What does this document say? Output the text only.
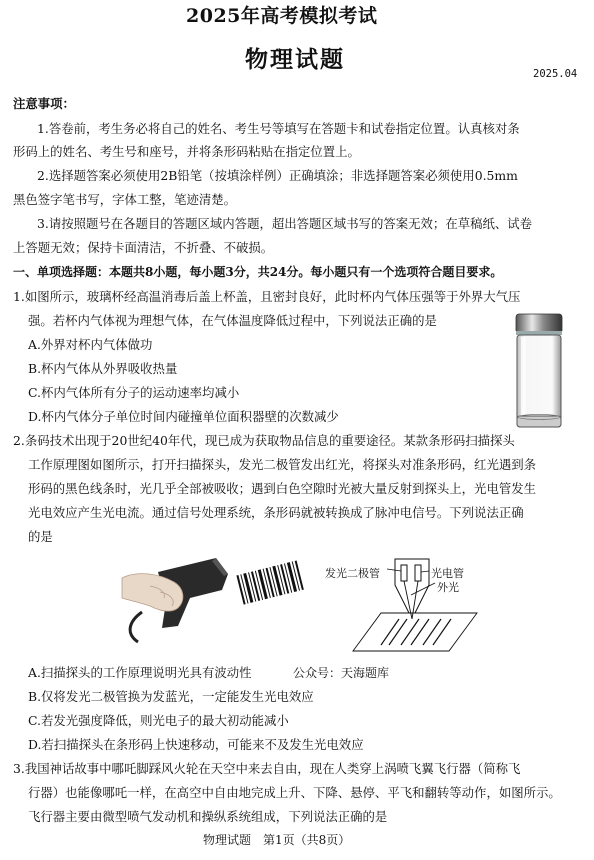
2025年高考模拟考试
物理试题
2025.04
注意事项：
1.答卷前，考生务必将自己的姓名、考生号等填写在答题卡和试卷指定位置。认真核对条
形码上的姓名、考生号和座号，并将条形码粘贴在指定位置上。
2.选择题答案必须使用2B铅笔（按填涂样例）正确填涂；非选择题答案必须使用0.5mm
黑色签字笔书写，字体工整，笔迹清楚。
3.请按照题号在各题目的答题区域内答题，超出答题区域书写的答案无效；在草稿纸、试卷
上答题无效；保持卡面清洁，不折叠、不破损。
一、单项选择题：本题共8小题，每小题3分，共24分。每小题只有一个选项符合题目要求。
1.如图所示，玻璃杯经高温消毒后盖上杯盖，且密封良好，此时杯内气体压强等于外界大气压
强。若杯内气体视为理想气体，在气体温度降低过程中，下列说法正确的是
A.外界对杯内气体做功
B.杯内气体从外界吸收热量
C.杯内气体所有分子的运动速率均减小
D.杯内气体分子单位时间内碰撞单位面积器壁的次数减少
2.条码技术出现于20世纪40年代，现已成为获取物品信息的重要途径。某款条形码扫描探头
工作原理图如图所示，打开扫描探头，发光二极管发出红光，将探头对准条形码，红光遇到条
形码的黑色线条时，光几乎全部被吸收；遇到白色空隙时光被大量反射到探头上，光电管发生
光电效应产生光电流。通过信号处理系统，条形码就被转换成了脉冲电信号。下列说法正确
的是
发光二极管	光电管
外光
A.扫描探头的工作原理说明光具有波动性	公众号：天海题库
B.仅将发光二极管换为发蓝光，一定能发生光电效应
C.若发光强度降低，则光电子的最大初动能减小
D.若扫描探头在条形码上快速移动，可能来不及发生光电效应
3.我国神话故事中哪吒脚踩风火轮在天空中来去自由，现在人类穿上涡喷飞翼飞行器（简称飞
行器）也能像哪吒一样，在高空中自由地完成上升、下降、悬停、平飞和翻转等动作，如图所示。
飞行器主要由微型喷气发动机和操纵系统组成，下列说法正确的是
物理试题　第1页（共8页）
